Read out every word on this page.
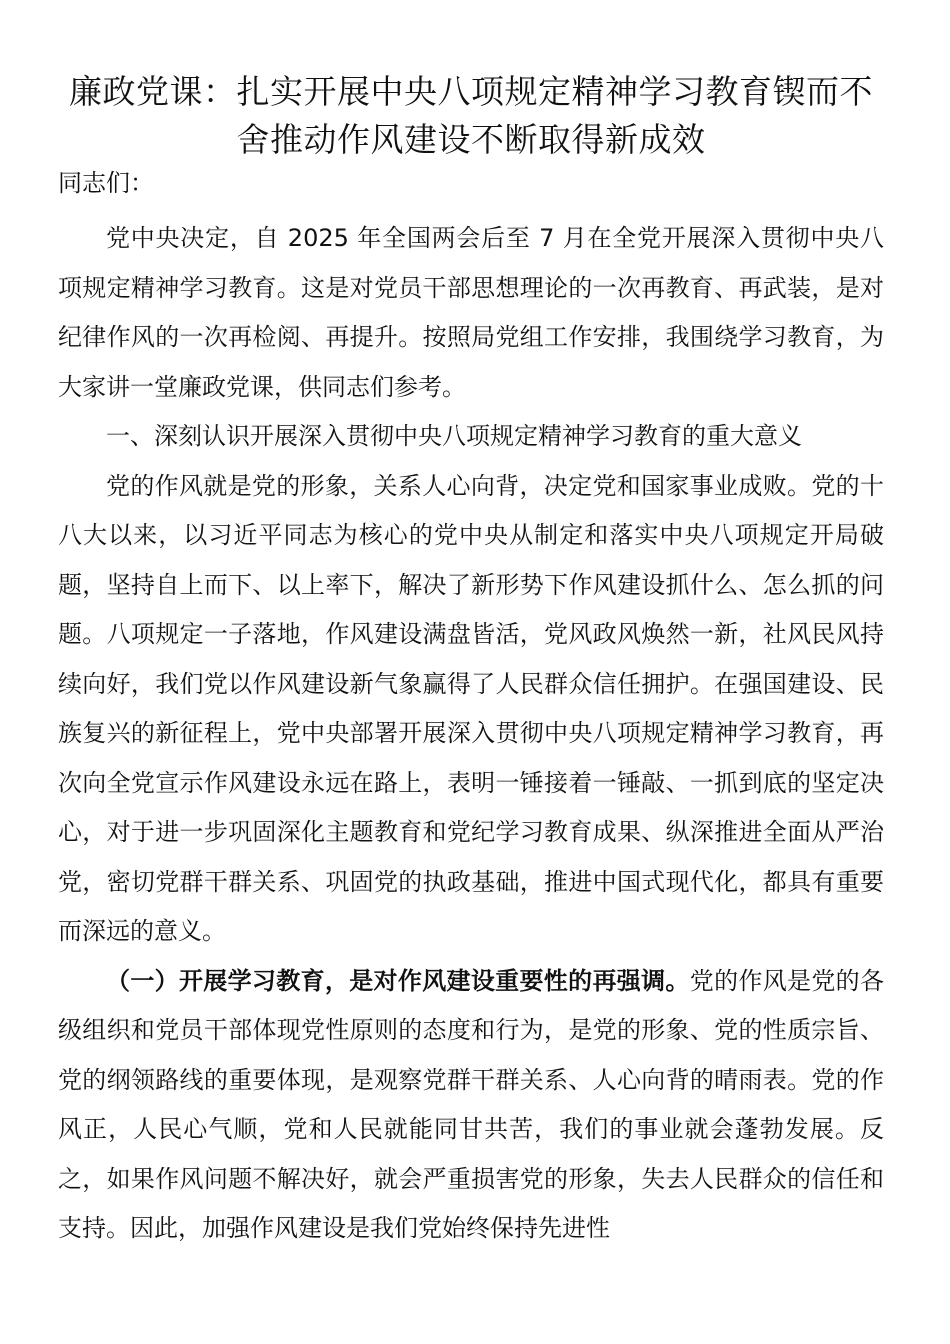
廉政党课：扎实开展中央八项规定精神学习教育锲而不舍推动作风建设不断取得新成效

同志们：

党中央决定，自 2025 年全国两会后至 7 月在全党开展深入贯彻中央八项规定精神学习教育。这是对党员干部思想理论的一次再教育、再武装，是对纪律作风的一次再检阅、再提升。按照局党组工作安排，我围绕学习教育，为大家讲一堂廉政党课，供同志们参考。

一、深刻认识开展深入贯彻中央八项规定精神学习教育的重大意义

党的作风就是党的形象，关系人心向背，决定党和国家事业成败。党的十八大以来，以习近平同志为核心的党中央从制定和落实中央八项规定开局破题，坚持自上而下、以上率下，解决了新形势下作风建设抓什么、怎么抓的问题。八项规定一子落地，作风建设满盘皆活，党风政风焕然一新，社风民风持续向好，我们党以作风建设新气象赢得了人民群众信任拥护。在强国建设、民族复兴的新征程上，党中央部署开展深入贯彻中央八项规定精神学习教育，再次向全党宣示作风建设永远在路上，表明一锤接着一锤敲、一抓到底的坚定决心，对于进一步巩固深化主题教育和党纪学习教育成果、纵深推进全面从严治党，密切党群干群关系、巩固党的执政基础，推进中国式现代化，都具有重要而深远的意义。

（一）开展学习教育，是对作风建设重要性的再强调。党的作风是党的各级组织和党员干部体现党性原则的态度和行为，是党的形象、党的性质宗旨、党的纲领路线的重要体现，是观察党群干群关系、人心向背的晴雨表。党的作风正，人民心气顺，党和人民就能同甘共苦，我们的事业就会蓬勃发展。反之，如果作风问题不解决好，就会严重损害党的形象，失去人民群众的信任和支持。因此，加强作风建设是我们党始终保持先进性
